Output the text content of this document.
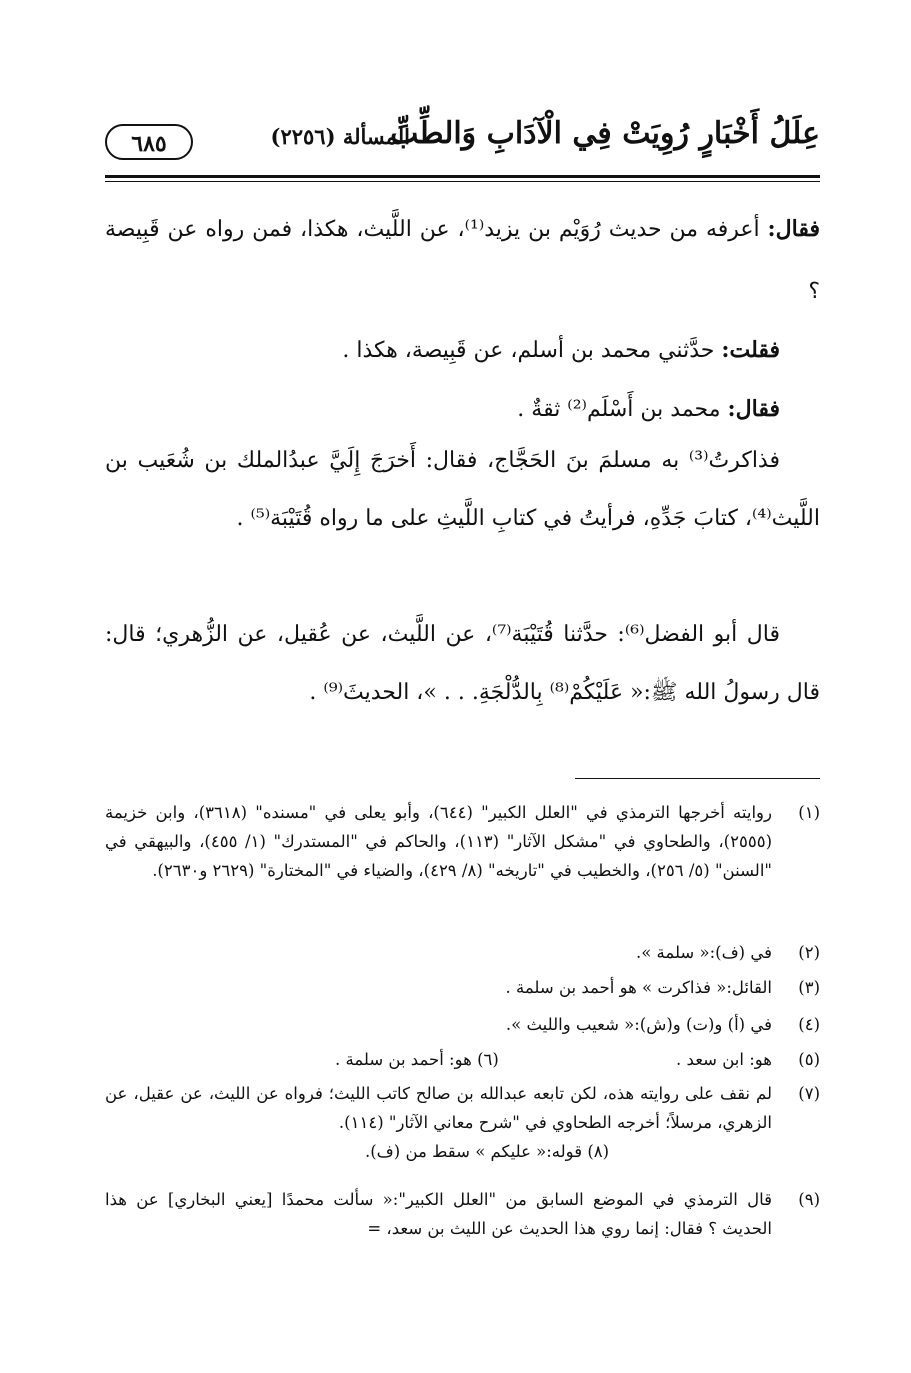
عِلَلُ أَخْبَارٍ رُوِيَتْ فِي الْآدَابِ وَالطِّبِّ
المسألة (٢٢٥٦)
٦٨٥
فقال: أعرفه من حديث رُوَيْم بن يزيد⁽¹⁾، عن اللَّيث، هكذا، فمن رواه عن قَبِيصة ؟
فقلت: حدَّثني محمد بن أسلم، عن قَبِيصة، هكذا .
فقال: محمد بن أَسْلَم⁽²⁾ ثقةٌ .
فذاكرتُ⁽³⁾ به مسلمَ بنَ الحَجَّاج، فقال: أَخرَجَ إِلَيَّ عبدُالملك بن شُعَيب بن اللَّيث⁽⁴⁾، كتابَ جَدِّهِ، فرأيتُ في كتابِ اللَّيثِ على ما رواه قُتَيْبَة⁽⁵⁾ .
قال أبو الفضل⁽⁶⁾: حدَّثنا قُتَيْبَة⁽⁷⁾، عن اللَّيث، عن عُقيل، عن الزُّهري؛ قال: قال رسولُ الله ﷺ:« عَلَيْكُمْ⁽⁸⁾ بِالدُّلْجَةِ. . . »، الحديثَ⁽⁹⁾ .
(١)
روايته أخرجها الترمذي في "العلل الكبير" (٦٤٤)، وأبو يعلى في "مسنده" (٣٦١٨)، وابن خزيمة (٢٥٥٥)، والطحاوي في "مشكل الآثار" (١١٣)، والحاكم في "المستدرك" (١/ ٤٥٥)، والبيهقي في "السنن" (٥/ ٢٥٦)، والخطيب في "تاريخه" (٨/ ٤٢٩)، والضياء في "المختارة" (٢٦٢٩ و٢٦٣٠).
(٢)
في (ف):« سلمة ».
(٣)
القائل:« فذاكرت » هو أحمد بن سلمة .
(٤)
في (أ) و(ت) و(ش):« شعيب والليث ».
(٥)
هو: ابن سعد .
(٦) هو: أحمد بن سلمة .
(٧)
لم نقف على روايته هذه، لكن تابعه عبدالله بن صالح كاتب الليث؛ فرواه عن الليث، عن عقيل، عن الزهري، مرسلاً؛ أخرجه الطحاوي في "شرح معاني الآثار" (١١٤).
(٨) قوله:« عليكم » سقط من (ف).
(٩)
قال الترمذي في الموضع السابق من "العلل الكبير":« سألت محمدًا [يعني البخاري] عن هذا الحديث ؟ فقال: إنما روي هذا الحديث عن الليث بن سعد، =
